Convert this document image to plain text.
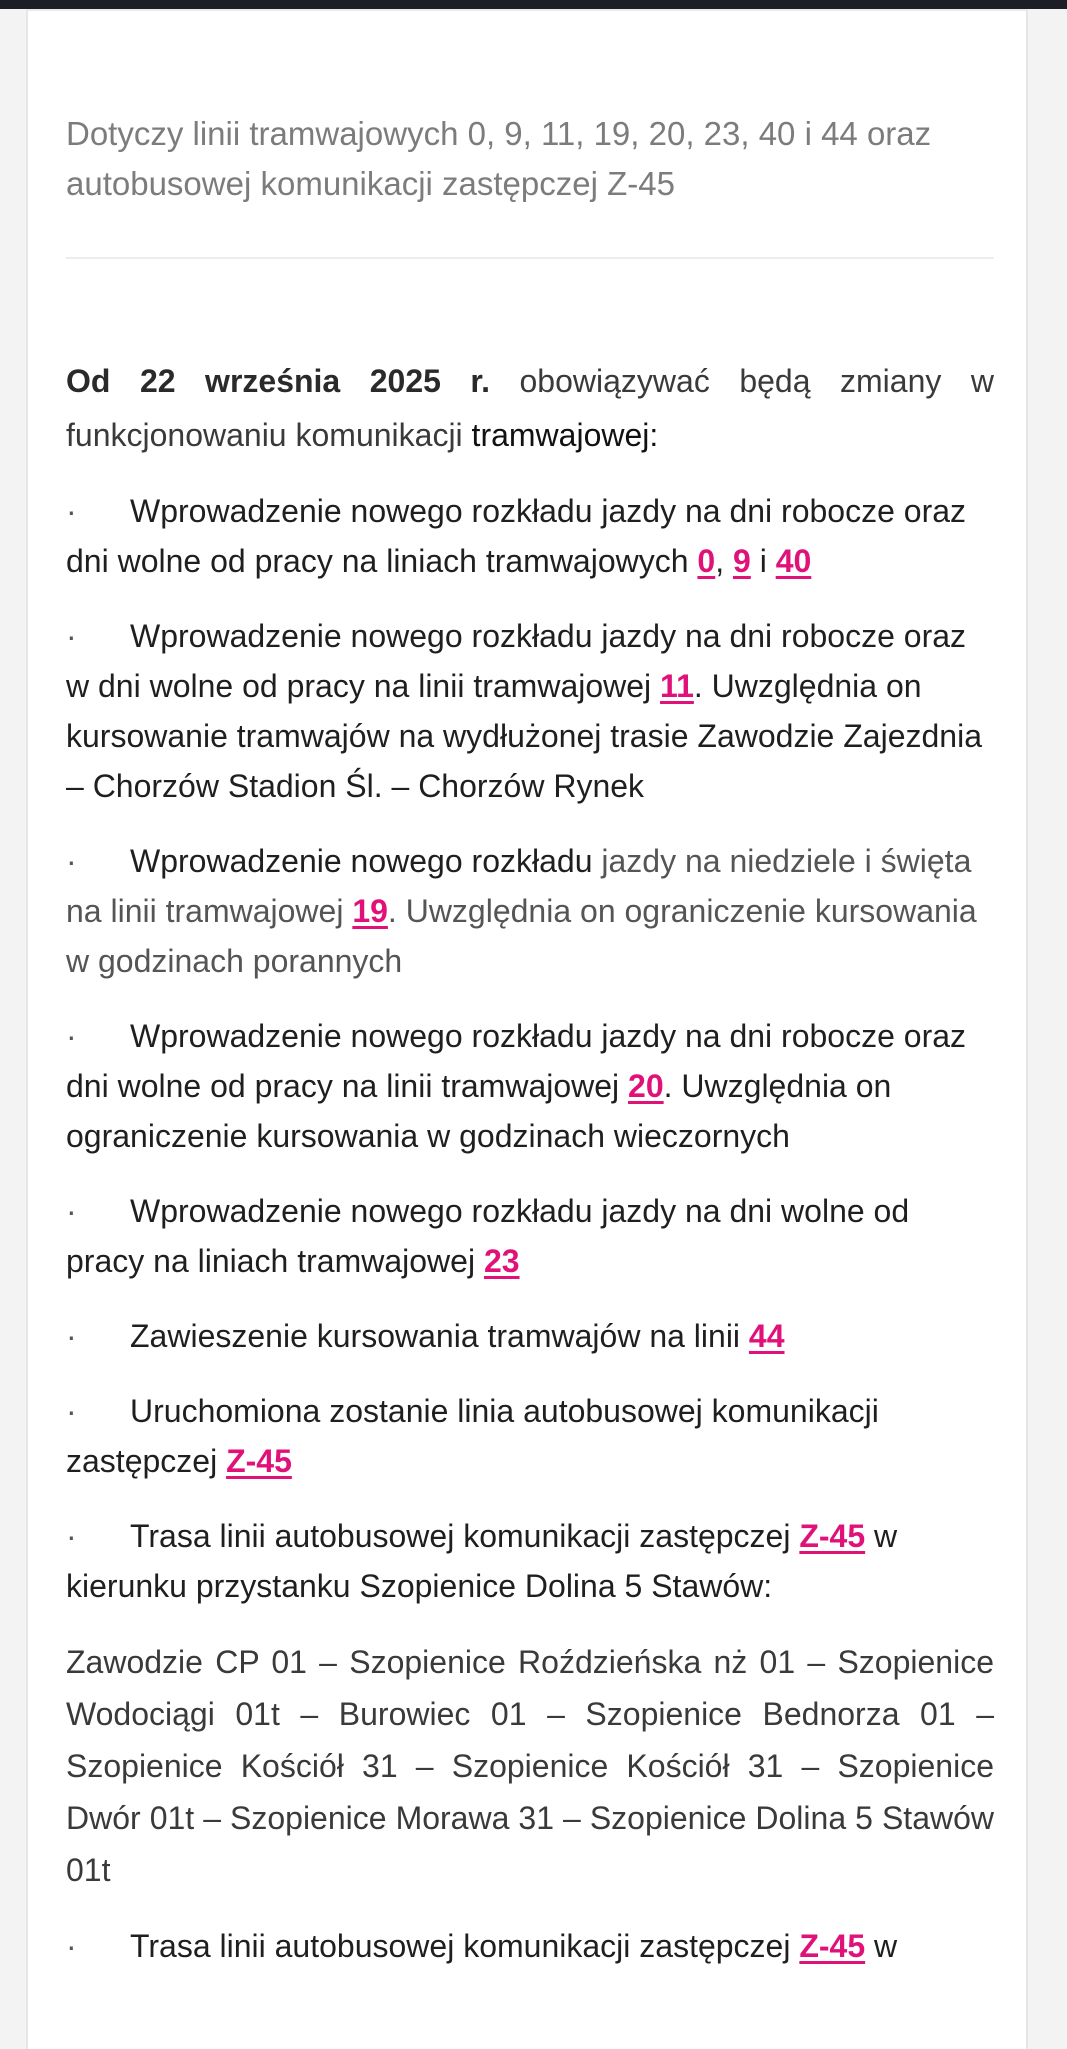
Dotyczy linii tramwajowych 0, 9, 11, 19, 20, 23, 40 i 44 oraz autobusowej komunikacji zastępczej Z-45

Od 22 września 2025 r. obowiązywać będą zmiany w funkcjonowaniu komunikacji tramwajowej:

· Wprowadzenie nowego rozkładu jazdy na dni robocze oraz dni wolne od pracy na liniach tramwajowych 0, 9 i 40

· Wprowadzenie nowego rozkładu jazdy na dni robocze oraz w dni wolne od pracy na linii tramwajowej 11. Uwzględnia on kursowanie tramwajów na wydłużonej trasie Zawodzie Zajezdnia – Chorzów Stadion Śl. – Chorzów Rynek

· Wprowadzenie nowego rozkładu jazdy na niedziele i święta na linii tramwajowej 19. Uwzględnia on ograniczenie kursowania w godzinach porannych

· Wprowadzenie nowego rozkładu jazdy na dni robocze oraz dni wolne od pracy na linii tramwajowej 20. Uwzględnia on ograniczenie kursowania w godzinach wieczornych

· Wprowadzenie nowego rozkładu jazdy na dni wolne od pracy na liniach tramwajowej 23

· Zawieszenie kursowania tramwajów na linii 44

· Uruchomiona zostanie linia autobusowej komunikacji zastępczej Z-45

· Trasa linii autobusowej komunikacji zastępczej Z-45 w kierunku przystanku Szopienice Dolina 5 Stawów:

Zawodzie CP 01 – Szopienice Roździeńska nż 01 – Szopienice Wodociągi 01t – Burowiec 01 – Szopienice Bednorza 01 – Szopienice Kościół 31 – Szopienice Kościół 31 – Szopienice Dwór 01t – Szopienice Morawa 31 – Szopienice Dolina 5 Stawów 01t

· Trasa linii autobusowej komunikacji zastępczej Z-45 w
